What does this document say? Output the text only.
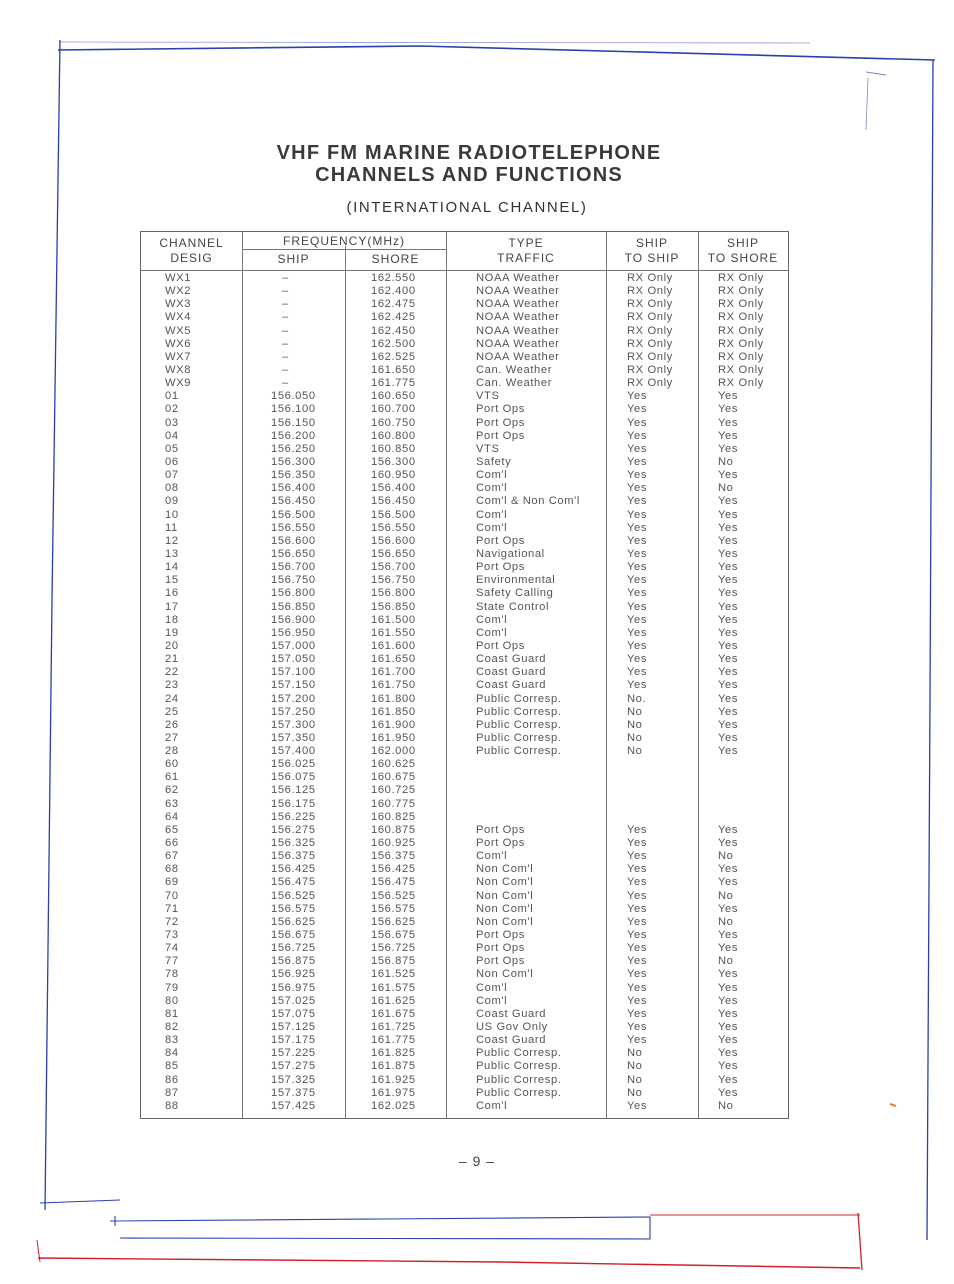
VHF FM MARINE RADIOTELEPHONE
CHANNELS AND FUNCTIONS
(INTERNATIONAL CHANNEL)
CHANNEL
DESIG
FREQUENCY(MHz)
SHIP	SHORE
TYPE
TRAFFIC
SHIP
TO SHIP
SHIP
TO SHORE
WX1	–	162.550	NOAA Weather	RX Only	RX Only
WX2	–	162.400	NOAA Weather	RX Only	RX Only
WX3	–	162.475	NOAA Weather	RX Only	RX Only
WX4	–	162.425	NOAA Weather	RX Only	RX Only
WX5	–	162.450	NOAA Weather	RX Only	RX Only
WX6	–	162.500	NOAA Weather	RX Only	RX Only
WX7	–	162.525	NOAA Weather	RX Only	RX Only
WX8	–	161.650	Can. Weather	RX Only	RX Only
WX9	–	161.775	Can. Weather	RX Only	RX Only
01	156.050	160.650	VTS	Yes	Yes
02	156.100	160.700	Port Ops	Yes	Yes
03	156.150	160.750	Port Ops	Yes	Yes
04	156.200	160.800	Port Ops	Yes	Yes
05	156.250	160.850	VTS	Yes	Yes
06	156.300	156.300	Safety	Yes	No
07	156.350	160.950	Com'l	Yes	Yes
08	156.400	156.400	Com'l	Yes	No
09	156.450	156.450	Com'l & Non Com'l	Yes	Yes
10	156.500	156.500	Com'l	Yes	Yes
11	156.550	156.550	Com'l	Yes	Yes
12	156.600	156.600	Port Ops	Yes	Yes
13	156.650	156.650	Navigational	Yes	Yes
14	156.700	156.700	Port Ops	Yes	Yes
15	156.750	156.750	Environmental	Yes	Yes
16	156.800	156.800	Safety Calling	Yes	Yes
17	156.850	156.850	State Control	Yes	Yes
18	156.900	161.500	Com'l	Yes	Yes
19	156.950	161.550	Com'l	Yes	Yes
20	157.000	161.600	Port Ops	Yes	Yes
21	157.050	161.650	Coast Guard	Yes	Yes
22	157.100	161.700	Coast Guard	Yes	Yes
23	157.150	161.750	Coast Guard	Yes	Yes
24	157.200	161.800	Public Corresp.	No.	Yes
25	157.250	161.850	Public Corresp.	No	Yes
26	157.300	161.900	Public Corresp.	No	Yes
27	157.350	161.950	Public Corresp.	No	Yes
28	157.400	162.000	Public Corresp.	No	Yes
60	156.025	160.625
61	156.075	160.675
62	156.125	160.725
63	156.175	160.775
64	156.225	160.825
65	156.275	160.875	Port Ops	Yes	Yes
66	156.325	160.925	Port Ops	Yes	Yes
67	156.375	156.375	Com'l	Yes	No
68	156.425	156.425	Non Com'l	Yes	Yes
69	156.475	156.475	Non Com'l	Yes	Yes
70	156.525	156.525	Non Com'l	Yes	No
71	156.575	156.575	Non Com'l	Yes	Yes
72	156.625	156.625	Non Com'l	Yes	No
73	156.675	156.675	Port Ops	Yes	Yes
74	156.725	156.725	Port Ops	Yes	Yes
77	156.875	156.875	Port Ops	Yes	No
78	156.925	161.525	Non Com'l	Yes	Yes
79	156.975	161.575	Com'l	Yes	Yes
80	157.025	161.625	Com'l	Yes	Yes
81	157.075	161.675	Coast Guard	Yes	Yes
82	157.125	161.725	US Gov Only	Yes	Yes
83	157.175	161.775	Coast Guard	Yes	Yes
84	157.225	161.825	Public Corresp.	No	Yes
85	157.275	161.875	Public Corresp.	No	Yes
86	157.325	161.925	Public Corresp.	No	Yes
87	157.375	161.975	Public Corresp.	No	Yes
88	157.425	162.025	Com'l	Yes	No
– 9 –
